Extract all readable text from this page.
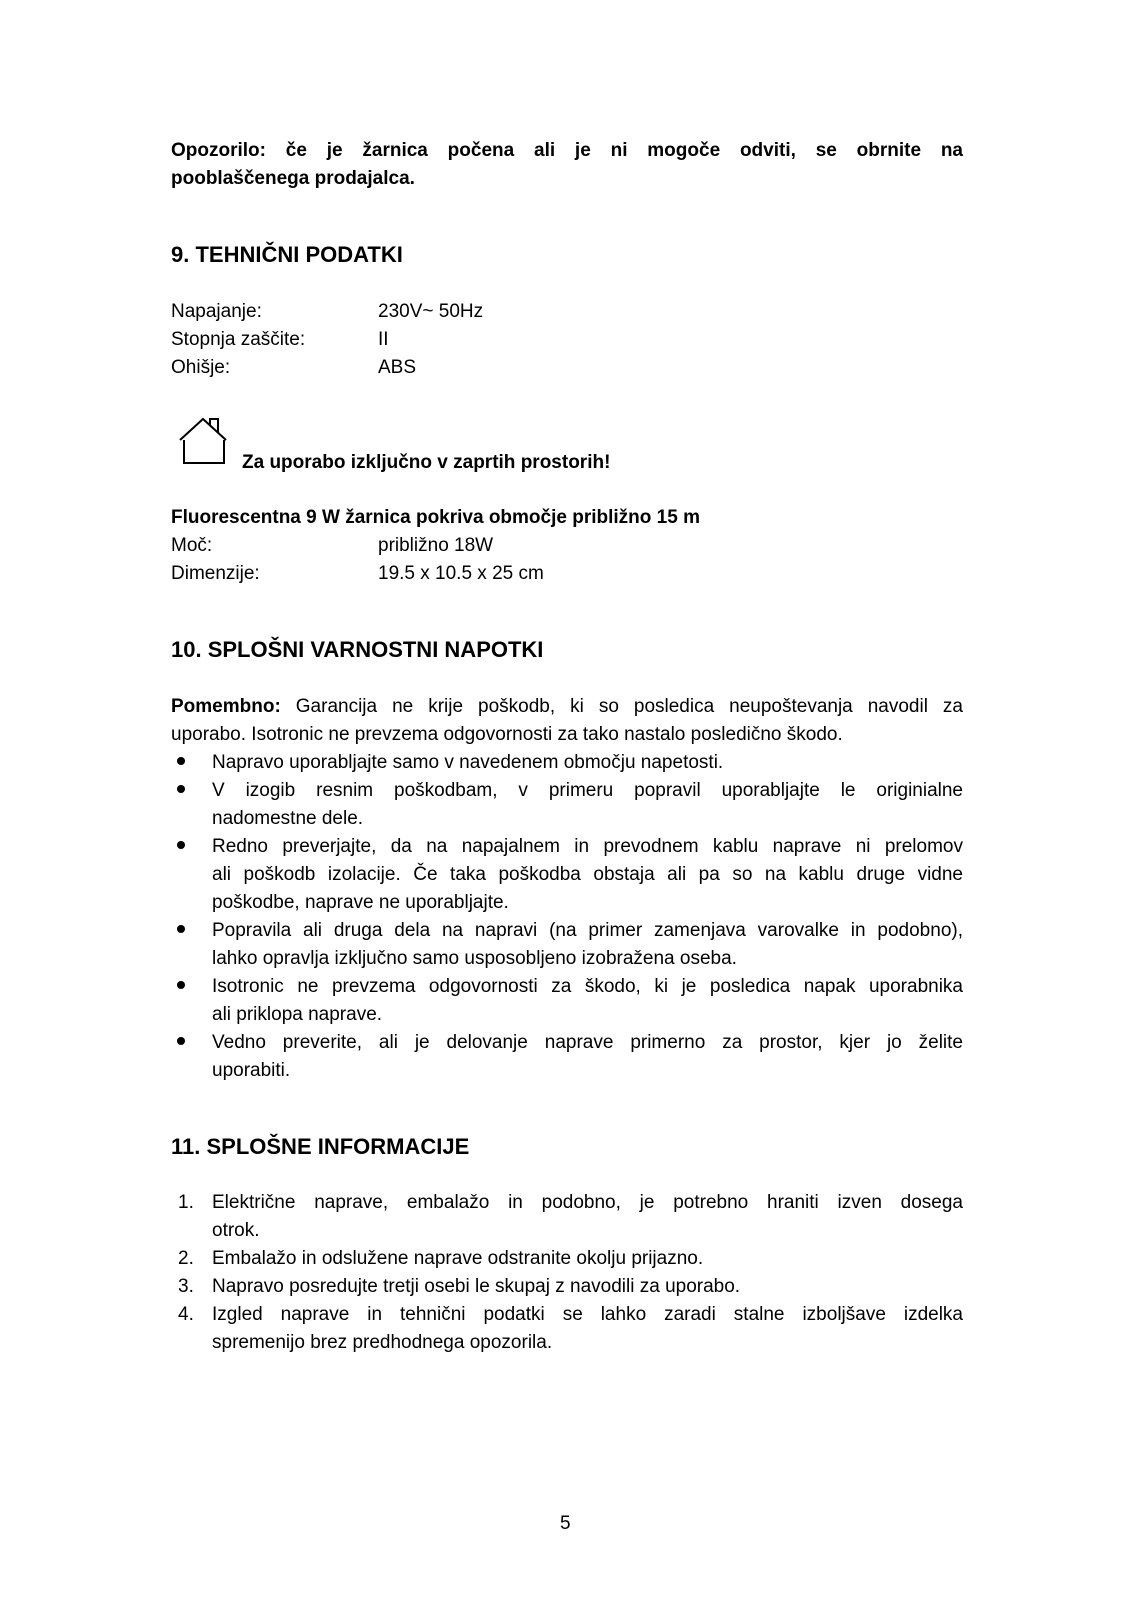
Opozorilo: če je žarnica počena ali je ni mogoče odviti, se obrnite na
pooblaščenega prodajalca.
9. TEHNIČNI PODATKI
Napajanje:	230V~ 50Hz
Stopnja zaščite:	II
Ohišje:	ABS
Za uporabo izključno v zaprtih prostorih!
Fluorescentna 9 W žarnica pokriva območje približno 15 m
Moč:	približno 18W
Dimenzije:	19.5 x 10.5 x 25 cm
10. SPLOŠNI VARNOSTNI NAPOTKI
Pomembno: Garancija ne krije poškodb, ki so posledica neupoštevanja navodil za
uporabo. Isotronic ne prevzema odgovornosti za tako nastalo posledično škodo.
Napravo uporabljajte samo v navedenem območju napetosti.
V izogib resnim poškodbam, v primeru popravil uporabljajte le originialne
nadomestne dele.
Redno preverjajte, da na napajalnem in prevodnem kablu naprave ni prelomov
ali poškodb izolacije. Če taka poškodba obstaja ali pa so na kablu druge vidne
poškodbe, naprave ne uporabljajte.
Popravila ali druga dela na napravi (na primer zamenjava varovalke in podobno),
lahko opravlja izključno samo usposobljeno izobražena oseba.
Isotronic ne prevzema odgovornosti za škodo, ki je posledica napak uporabnika
ali priklopa naprave.
Vedno preverite, ali je delovanje naprave primerno za prostor, kjer jo želite
uporabiti.
11. SPLOŠNE INFORMACIJE
1. Električne naprave, embalažo in podobno, je potrebno hraniti izven dosega
otrok.
2. Embalažo in odslužene naprave odstranite okolju prijazno.
3. Napravo posredujte tretji osebi le skupaj z navodili za uporabo.
4. Izgled naprave in tehnični podatki se lahko zaradi stalne izboljšave izdelka
spremenijo brez predhodnega opozorila.
5
